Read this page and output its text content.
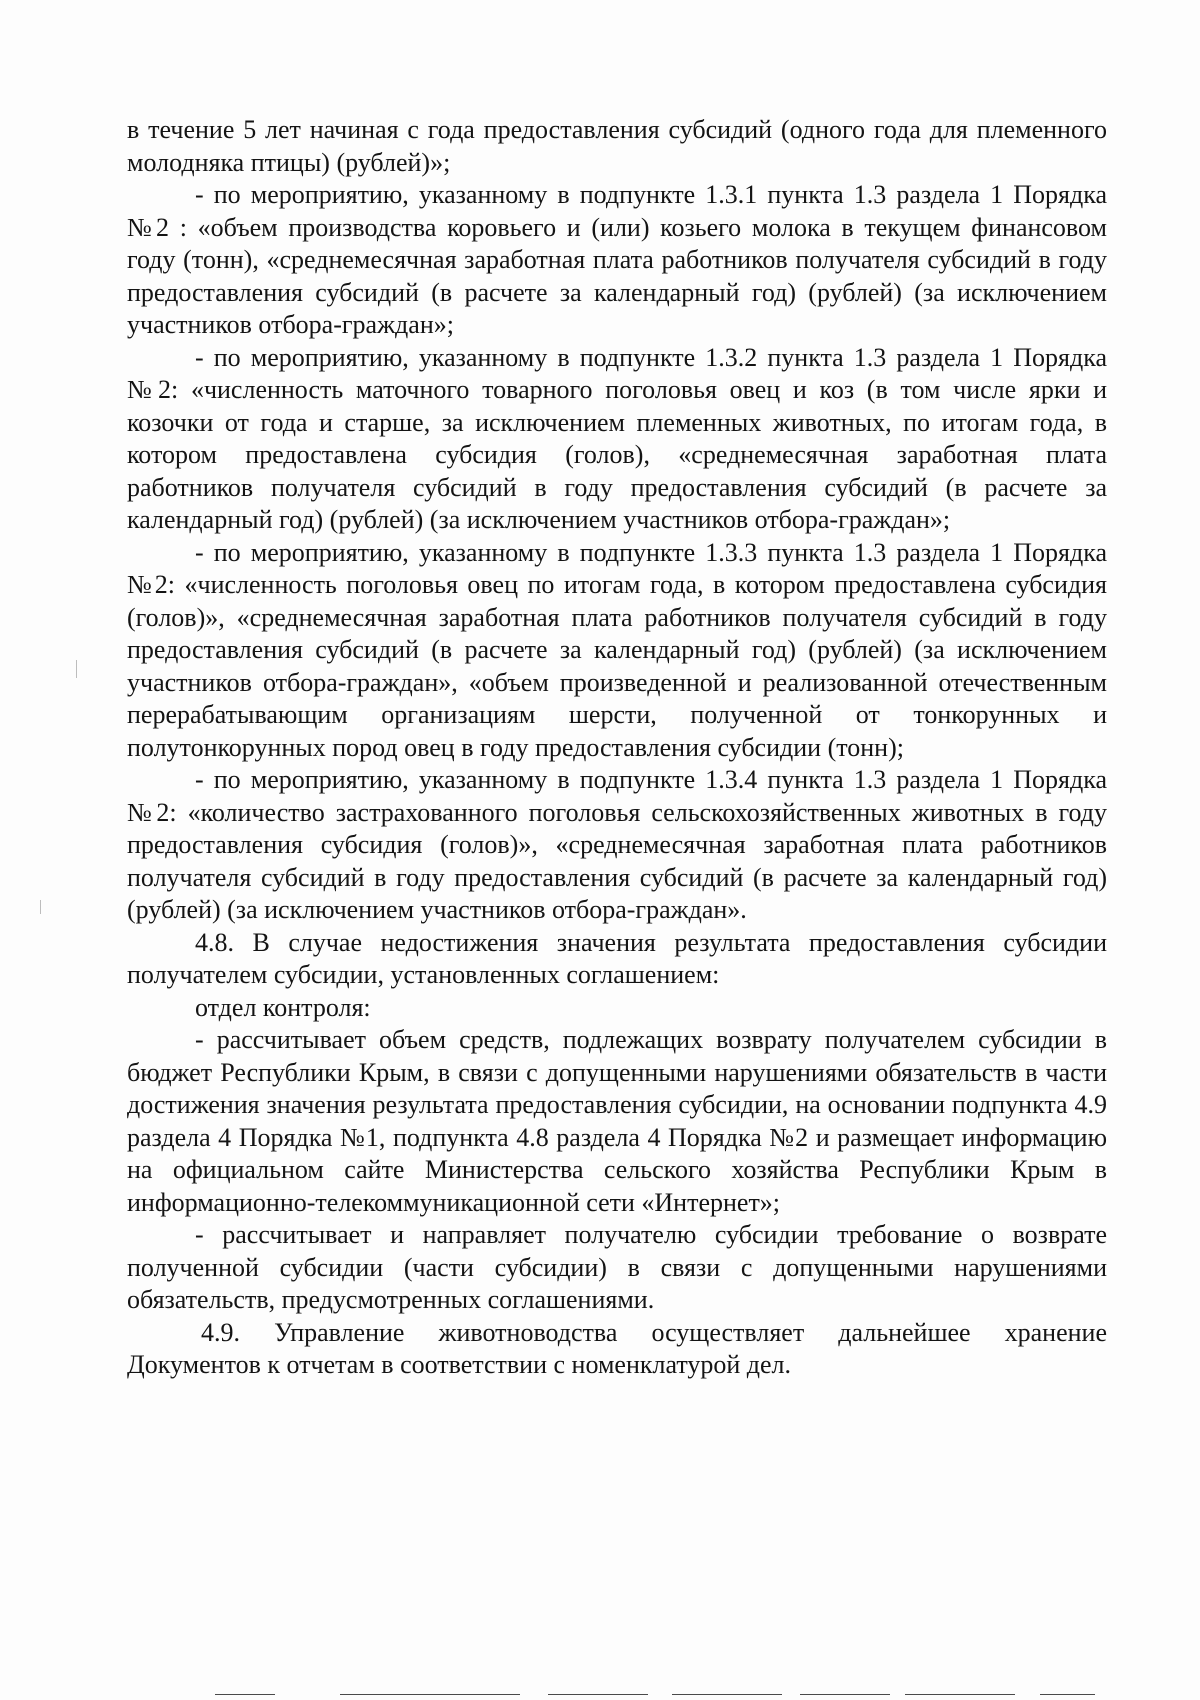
в течение 5 лет начиная с года предоставления субсидий (одного года для племенного молодняка птицы) (рублей)»;

- по мероприятию, указанному в подпункте 1.3.1 пункта 1.3 раздела 1 Порядка №2 : «объем производства коровьего и (или) козьего молока в текущем финансовом году (тонн), «среднемесячная заработная плата работников получателя субсидий в году предоставления субсидий (в расчете за календарный год) (рублей) (за исключением участников отбора-граждан»;

- по мероприятию, указанному в подпункте 1.3.2 пункта 1.3 раздела 1 Порядка №2: «численность маточного товарного поголовья овец и коз (в том числе ярки и козочки от года и старше, за исключением племенных животных, по итогам года, в котором предоставлена субсидия (голов), «среднемесячная заработная плата работников получателя субсидий в году предоставления субсидий (в расчете за календарный год) (рублей) (за исключением участников отбора-граждан»;

- по мероприятию, указанному в подпункте 1.3.3 пункта 1.3 раздела 1 Порядка №2: «численность поголовья овец по итогам года, в котором предоставлена субсидия (голов)», «среднемесячная заработная плата работников получателя субсидий в году предоставления субсидий (в расчете за календарный год) (рублей) (за исключением участников отбора-граждан», «объем произведенной и реализованной отечественным перерабатывающим организациям шерсти, полученной от тонкорунных и полутонкорунных пород овец в году предоставления субсидии (тонн);

- по мероприятию, указанному в подпункте 1.3.4 пункта 1.3 раздела 1 Порядка №2: «количество застрахованного поголовья сельскохозяйственных животных в году предоставления субсидия (голов)», «среднемесячная заработная плата работников получателя субсидий в году предоставления субсидий (в расчете за календарный год) (рублей) (за исключением участников отбора-граждан».

4.8. В случае недостижения значения результата предоставления субсидии получателем субсидии, установленных соглашением:

отдел контроля:

- рассчитывает объем средств, подлежащих возврату получателем субсидии в бюджет Республики Крым, в связи с допущенными нарушениями обязательств в части достижения значения результата предоставления субсидии, на основании подпункта 4.9 раздела 4 Порядка №1, подпункта 4.8 раздела 4 Порядка №2 и размещает информацию на официальном сайте Министерства сельского хозяйства Республики Крым в информационно-телекоммуникационной сети «Интернет»;

- рассчитывает и направляет получателю субсидии требование о возврате полученной субсидии (части субсидии) в связи с допущенными нарушениями обязательств, предусмотренных соглашениями.

4.9. Управление животноводства осуществляет дальнейшее хранение Документов к отчетам в соответствии с номенклатурой дел.
